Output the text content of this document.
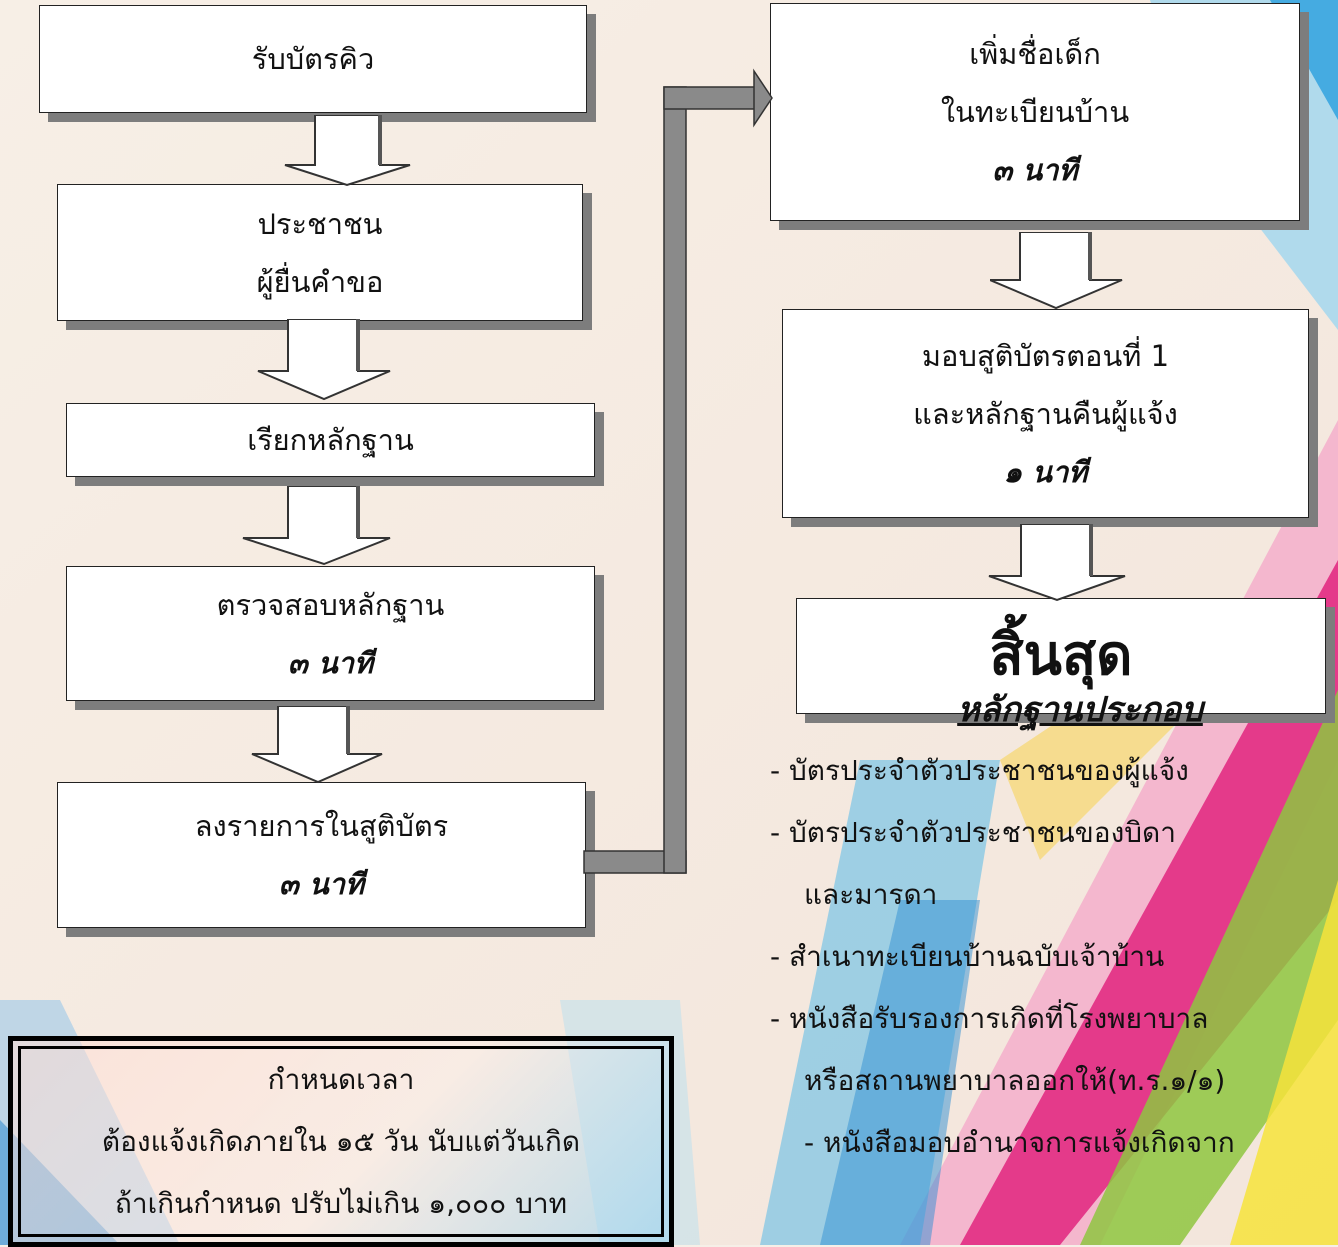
รับบัตรคิว
ประชาชน
ผู้ยื่นคำขอ
เรียกหลักฐาน
ตรวจสอบหลักฐาน
๓ นาที
ลงรายการในสูติบัตร
๓ นาที
เพิ่มชื่อเด็ก
ในทะเบียนบ้าน
๓ นาที
มอบสูติบัตรตอนที่ 1
และหลักฐานคืนผู้แจ้ง
๑ นาที
สิ้นสุด
กำหนดเวลา
ต้องแจ้งเกิดภายใน ๑๕ วัน นับแต่วันเกิด
ถ้าเกินกำหนด ปรับไม่เกิน ๑,๐๐๐ บาท
หลักฐานประกอบ
- บัตรประจำตัวประชาชนของผู้แจ้ง
- บัตรประจำตัวประชาชนของบิดา
และมารดา
- สำเนาทะเบียนบ้านฉบับเจ้าบ้าน
- หนังสือรับรองการเกิดที่โรงพยาบาล
หรือสถานพยาบาลออกให้(ท.ร.๑/๑)
- หนังสือมอบอำนาจการแจ้งเกิดจาก
